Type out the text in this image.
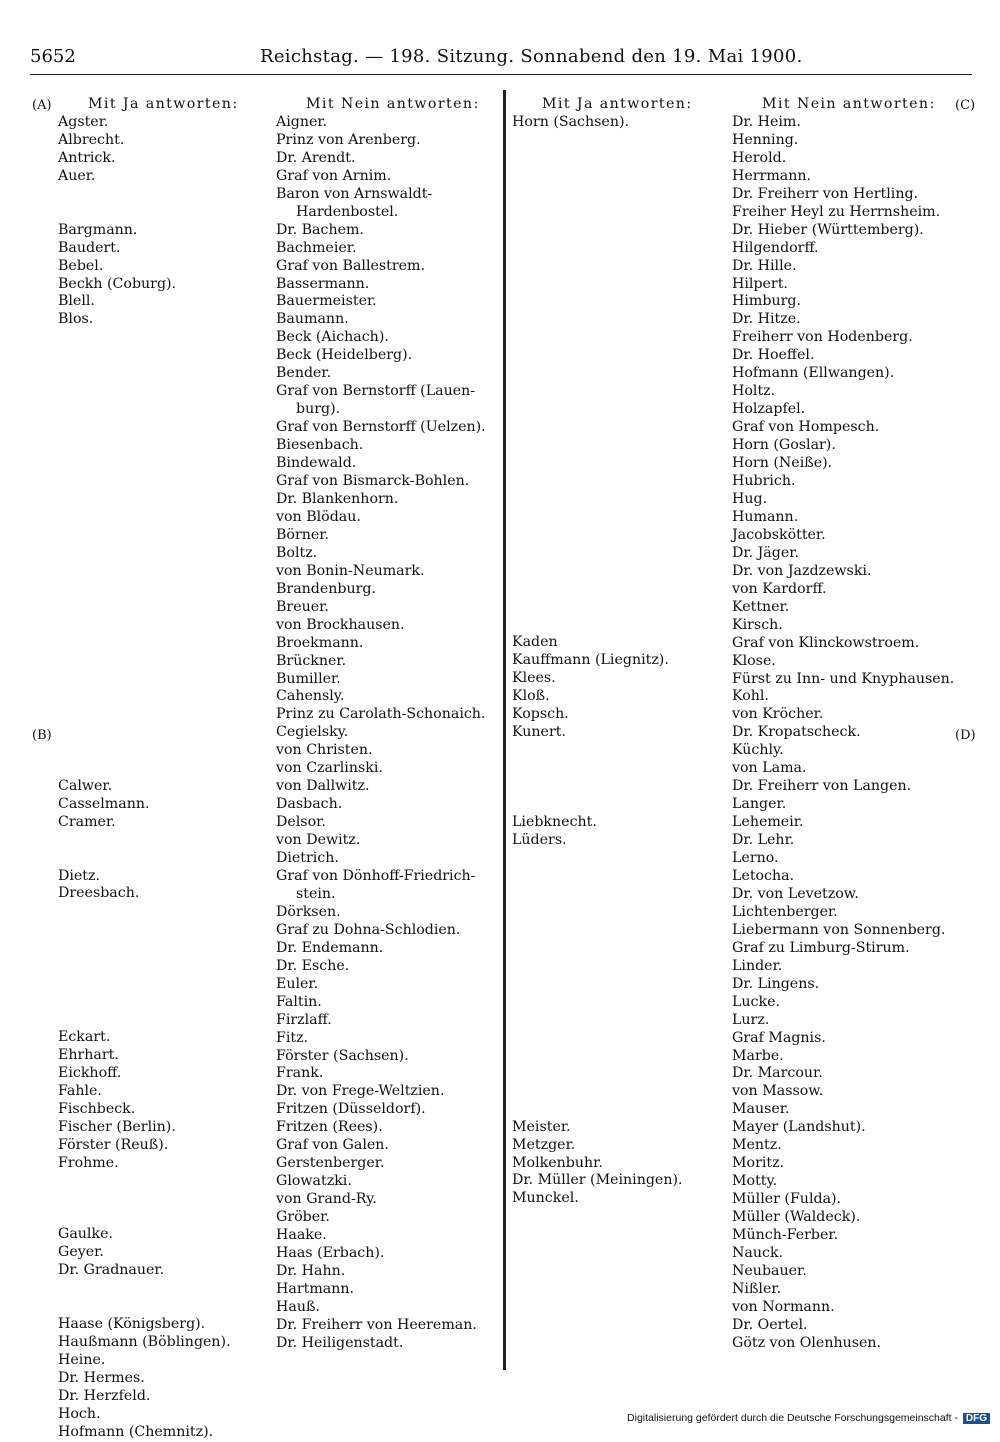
5652	Reichstag. — 198. Sitzung. Sonnabend den 19. Mai 1900.
(A)
(B)
(C)
(D)
Mit Ja antworten:
Agster.
Albrecht.
Antrick.
Auer.
Bargmann.
Baudert.
Bebel.
Beckh (Coburg).
Blell.
Blos.
Calwer.
Casselmann.
Cramer.
Dietz.
Dreesbach.
Eckart.
Ehrhart.
Eickhoff.
Fahle.
Fischbeck.
Fischer (Berlin).
Förster (Reuß).
Frohme.
Gaulke.
Geyer.
Dr. Gradnauer.
Haase (Königsberg).
Haußmann (Böblingen).
Heine.
Dr. Hermes.
Dr. Herzfeld.
Hoch.
Hofmann (Chemnitz).
Mit Nein antworten:
Aigner.
Prinz von Arenberg.
Dr. Arendt.
Graf von Arnim.
Baron von Arnswaldt-
Hardenbostel.
Dr. Bachem.
Bachmeier.
Graf von Ballestrem.
Bassermann.
Bauermeister.
Baumann.
Beck (Aichach).
Beck (Heidelberg).
Bender.
Graf von Bernstorff (Lauen-
burg).
Graf von Bernstorff (Uelzen).
Biesenbach.
Bindewald.
Graf von Bismarck-Bohlen.
Dr. Blankenhorn.
von Blödau.
Börner.
Boltz.
von Bonin-Neumark.
Brandenburg.
Breuer.
von Brockhausen.
Broekmann.
Brückner.
Bumiller.
Cahensly.
Prinz zu Carolath-Schonaich.
Cegielsky.
von Christen.
von Czarlinski.
von Dallwitz.
Dasbach.
Delsor.
von Dewitz.
Dietrich.
Graf von Dönhoff-Friedrich-
stein.
Dörksen.
Graf zu Dohna-Schlodien.
Dr. Endemann.
Dr. Esche.
Euler.
Faltin.
Firzlaff.
Fitz.
Förster (Sachsen).
Frank.
Dr. von Frege-Weltzien.
Fritzen (Düsseldorf).
Fritzen (Rees).
Graf von Galen.
Gerstenberger.
Glowatzki.
von Grand-Ry.
Gröber.
Haake.
Haas (Erbach).
Dr. Hahn.
Hartmann.
Hauß.
Dr. Freiherr von Heereman.
Dr. Heiligenstadt.
Mit Ja antworten:
Horn (Sachsen).
Kaden
Kauffmann (Liegnitz).
Klees.
Kloß.
Kopsch.
Kunert.
Liebknecht.
Lüders.
Meister.
Metzger.
Molkenbuhr.
Dr. Müller (Meiningen).
Munckel.
Mit Nein antworten:
Dr. Heim.
Henning.
Herold.
Herrmann.
Dr. Freiherr von Hertling.
Freiher Heyl zu Herrnsheim.
Dr. Hieber (Württemberg).
Hilgendorff.
Dr. Hille.
Hilpert.
Himburg.
Dr. Hitze.
Freiherr von Hodenberg.
Dr. Hoeffel.
Hofmann (Ellwangen).
Holtz.
Holzapfel.
Graf von Hompesch.
Horn (Goslar).
Horn (Neiße).
Hubrich.
Hug.
Humann.
Jacobskötter.
Dr. Jäger.
Dr. von Jazdzewski.
von Kardorff.
Kettner.
Kirsch.
Graf von Klinckowstroem.
Klose.
Fürst zu Inn- und Knyphausen.
Kohl.
von Kröcher.
Dr. Kropatscheck.
Küchly.
von Lama.
Dr. Freiherr von Langen.
Langer.
Lehemeir.
Dr. Lehr.
Lerno.
Letocha.
Dr. von Levetzow.
Lichtenberger.
Liebermann von Sonnenberg.
Graf zu Limburg-Stirum.
Linder.
Dr. Lingens.
Lucke.
Lurz.
Graf Magnis.
Marbe.
Dr. Marcour.
von Massow.
Mauser.
Mayer (Landshut).
Mentz.
Moritz.
Motty.
Müller (Fulda).
Müller (Waldeck).
Münch-Ferber.
Nauck.
Neubauer.
Nißler.
von Normann.
Dr. Oertel.
Götz von Olenhusen.
Digitalisierung gefördert durch die Deutsche Forschungsgemeinschaft - DFG
